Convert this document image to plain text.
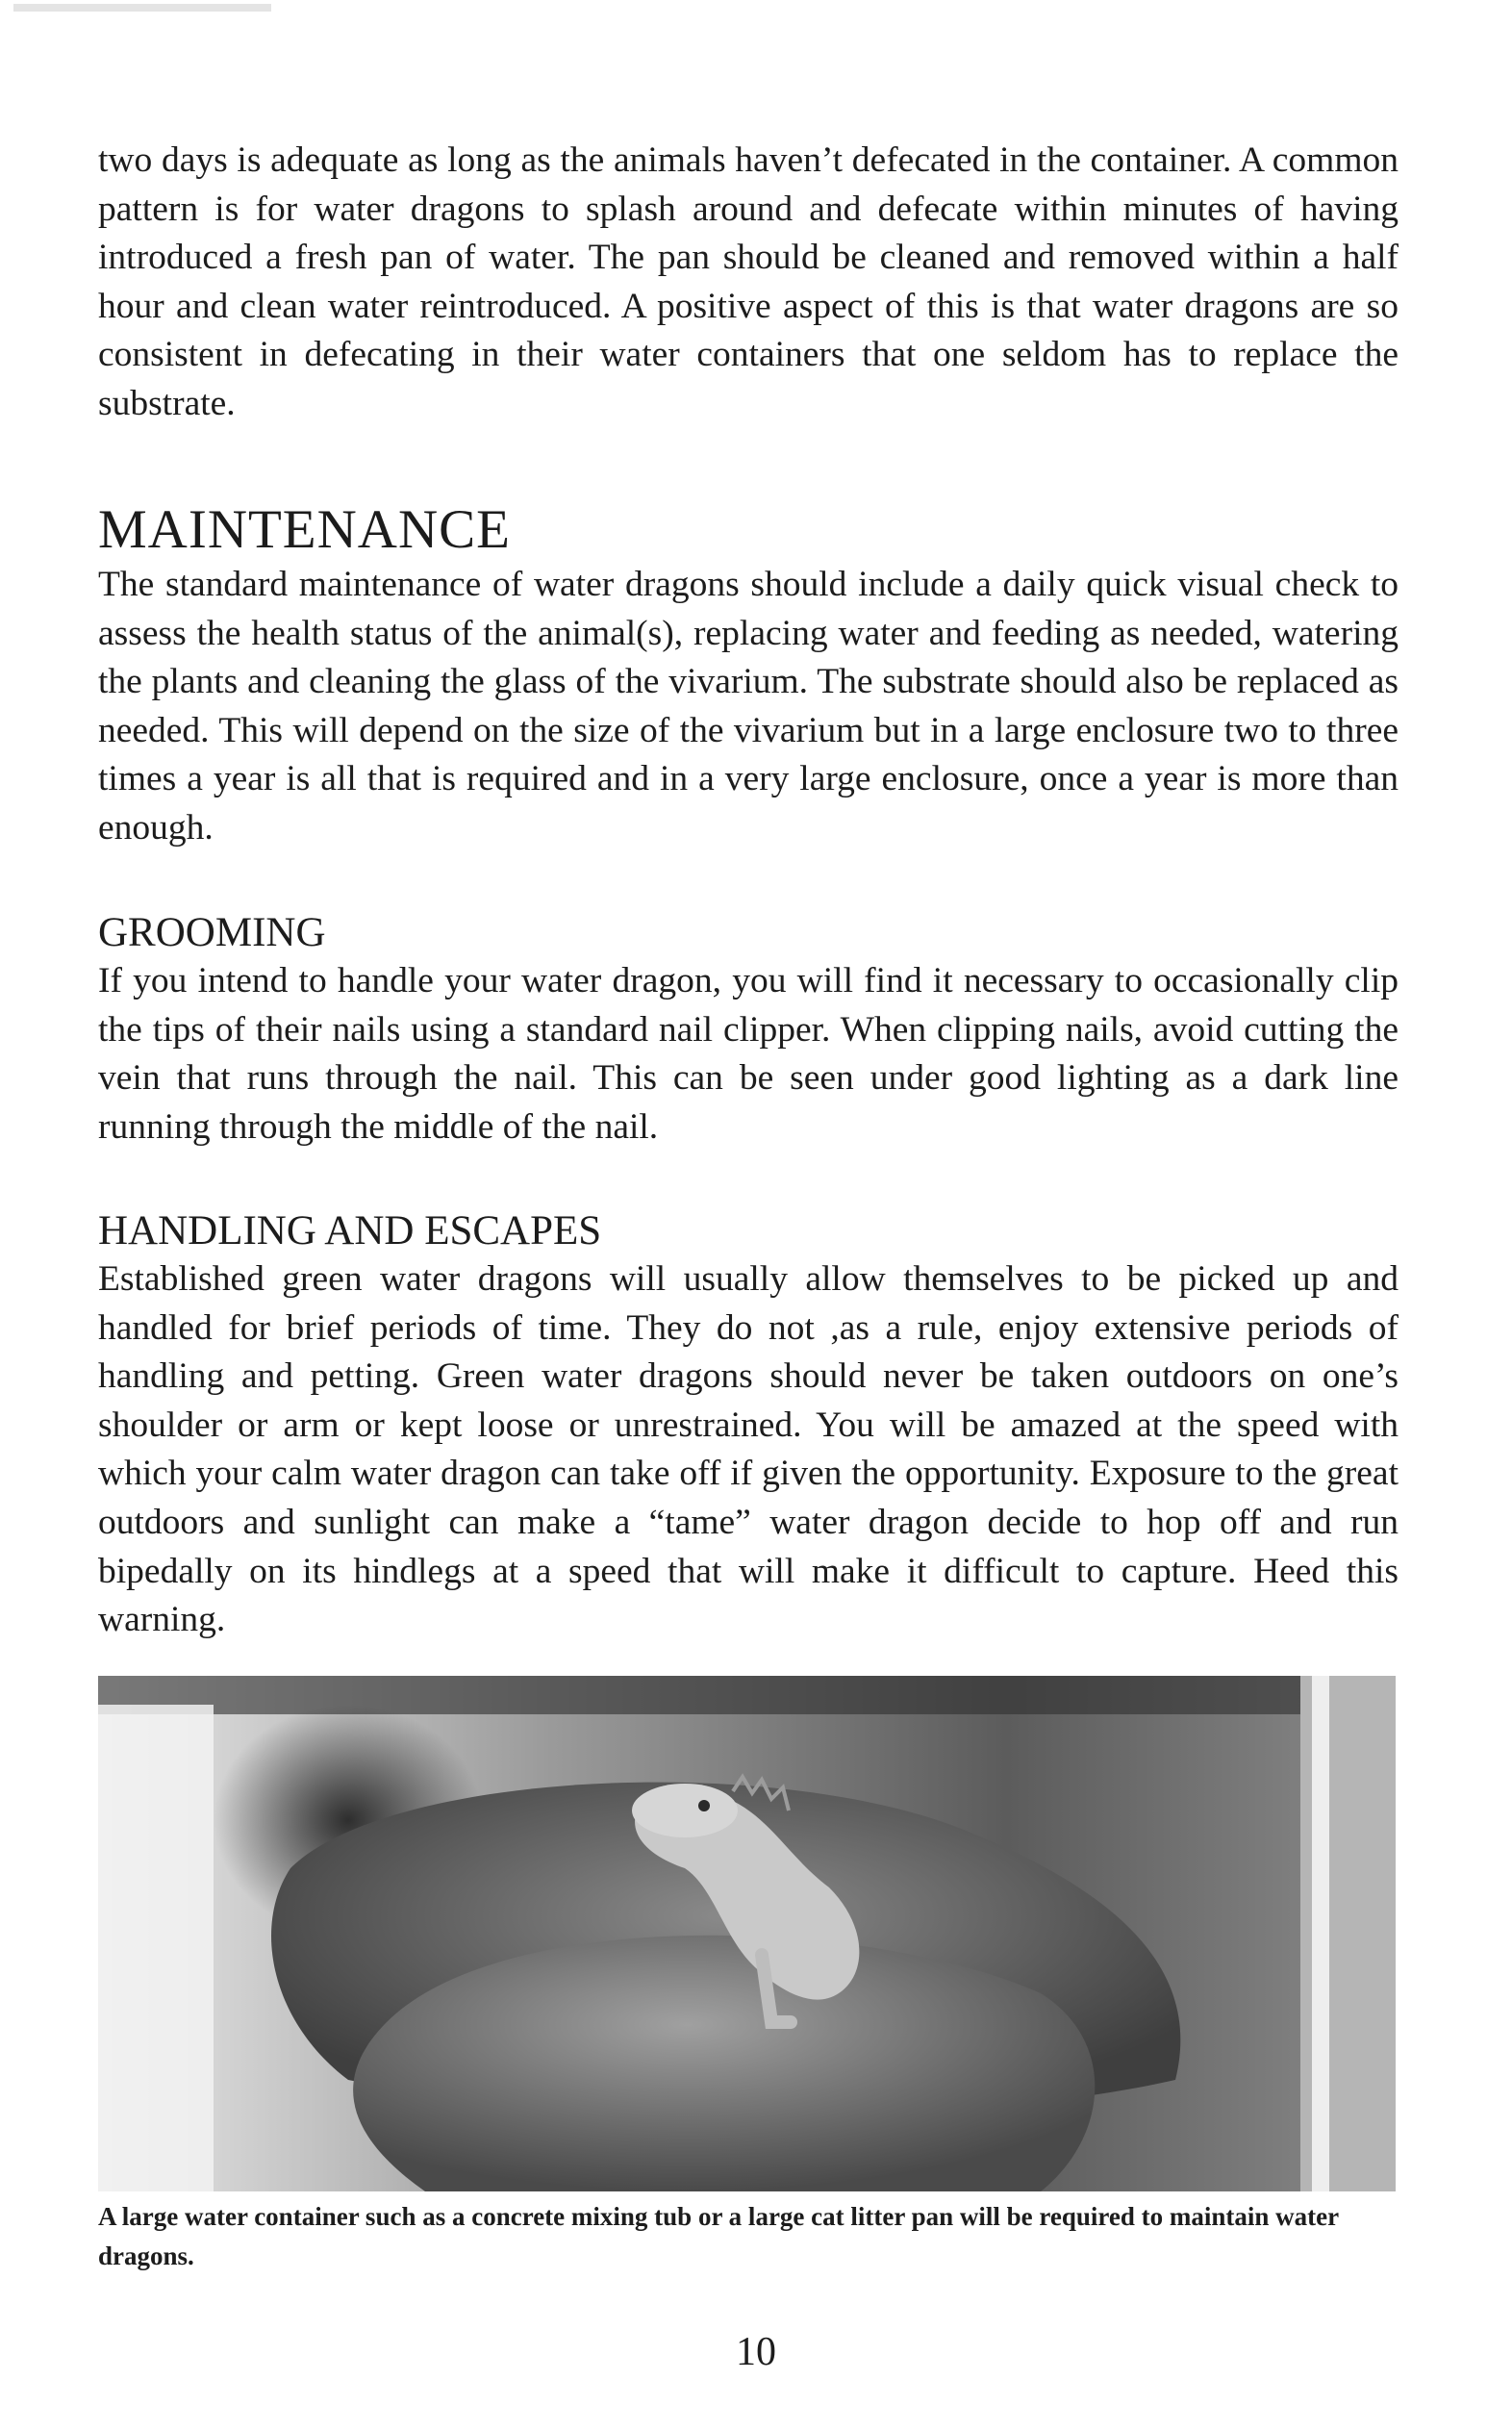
two days is adequate as long as the animals haven’t defecated in the container. A common pattern is for water dragons to splash around and defecate within minutes of having introduced a fresh pan of water. The pan should be cleaned and removed within a half hour and clean water reintroduced. A positive aspect of this is that water dragons are so consistent in defecating in their water containers that one seldom has to replace the substrate.

MAINTENANCE

The standard maintenance of water dragons should include a daily quick visual check to assess the health status of the animal(s), replacing water and feeding as needed, watering the plants and cleaning the glass of the vivarium. The substrate should also be replaced as needed. This will depend on the size of the vivarium but in a large enclosure two to three times a year is all that is required and in a very large enclosure, once a year is more than enough.

GROOMING

If you intend to handle your water dragon, you will find it necessary to occasionally clip the tips of their nails using a standard nail clipper. When clipping nails, avoid cutting the vein that runs through the nail. This can be seen under good lighting as a dark line running through the middle of the nail.

HANDLING AND ESCAPES

Established green water dragons will usually allow themselves to be picked up and handled for brief periods of time. They do not ,as a rule, enjoy extensive periods of handling and petting. Green water dragons should never be taken outdoors on one’s shoulder or arm or kept loose or unrestrained. You will be amazed at the speed with which your calm water dragon can take off if given the opportunity. Exposure to the great outdoors and sunlight can make a “tame” water dragon decide to hop off and run bipedally on its hindlegs at a speed that will make it difficult to capture. Heed this warning.

A large water container such as a concrete mixing tub or a large cat litter pan will be required to maintain water dragons.

10
